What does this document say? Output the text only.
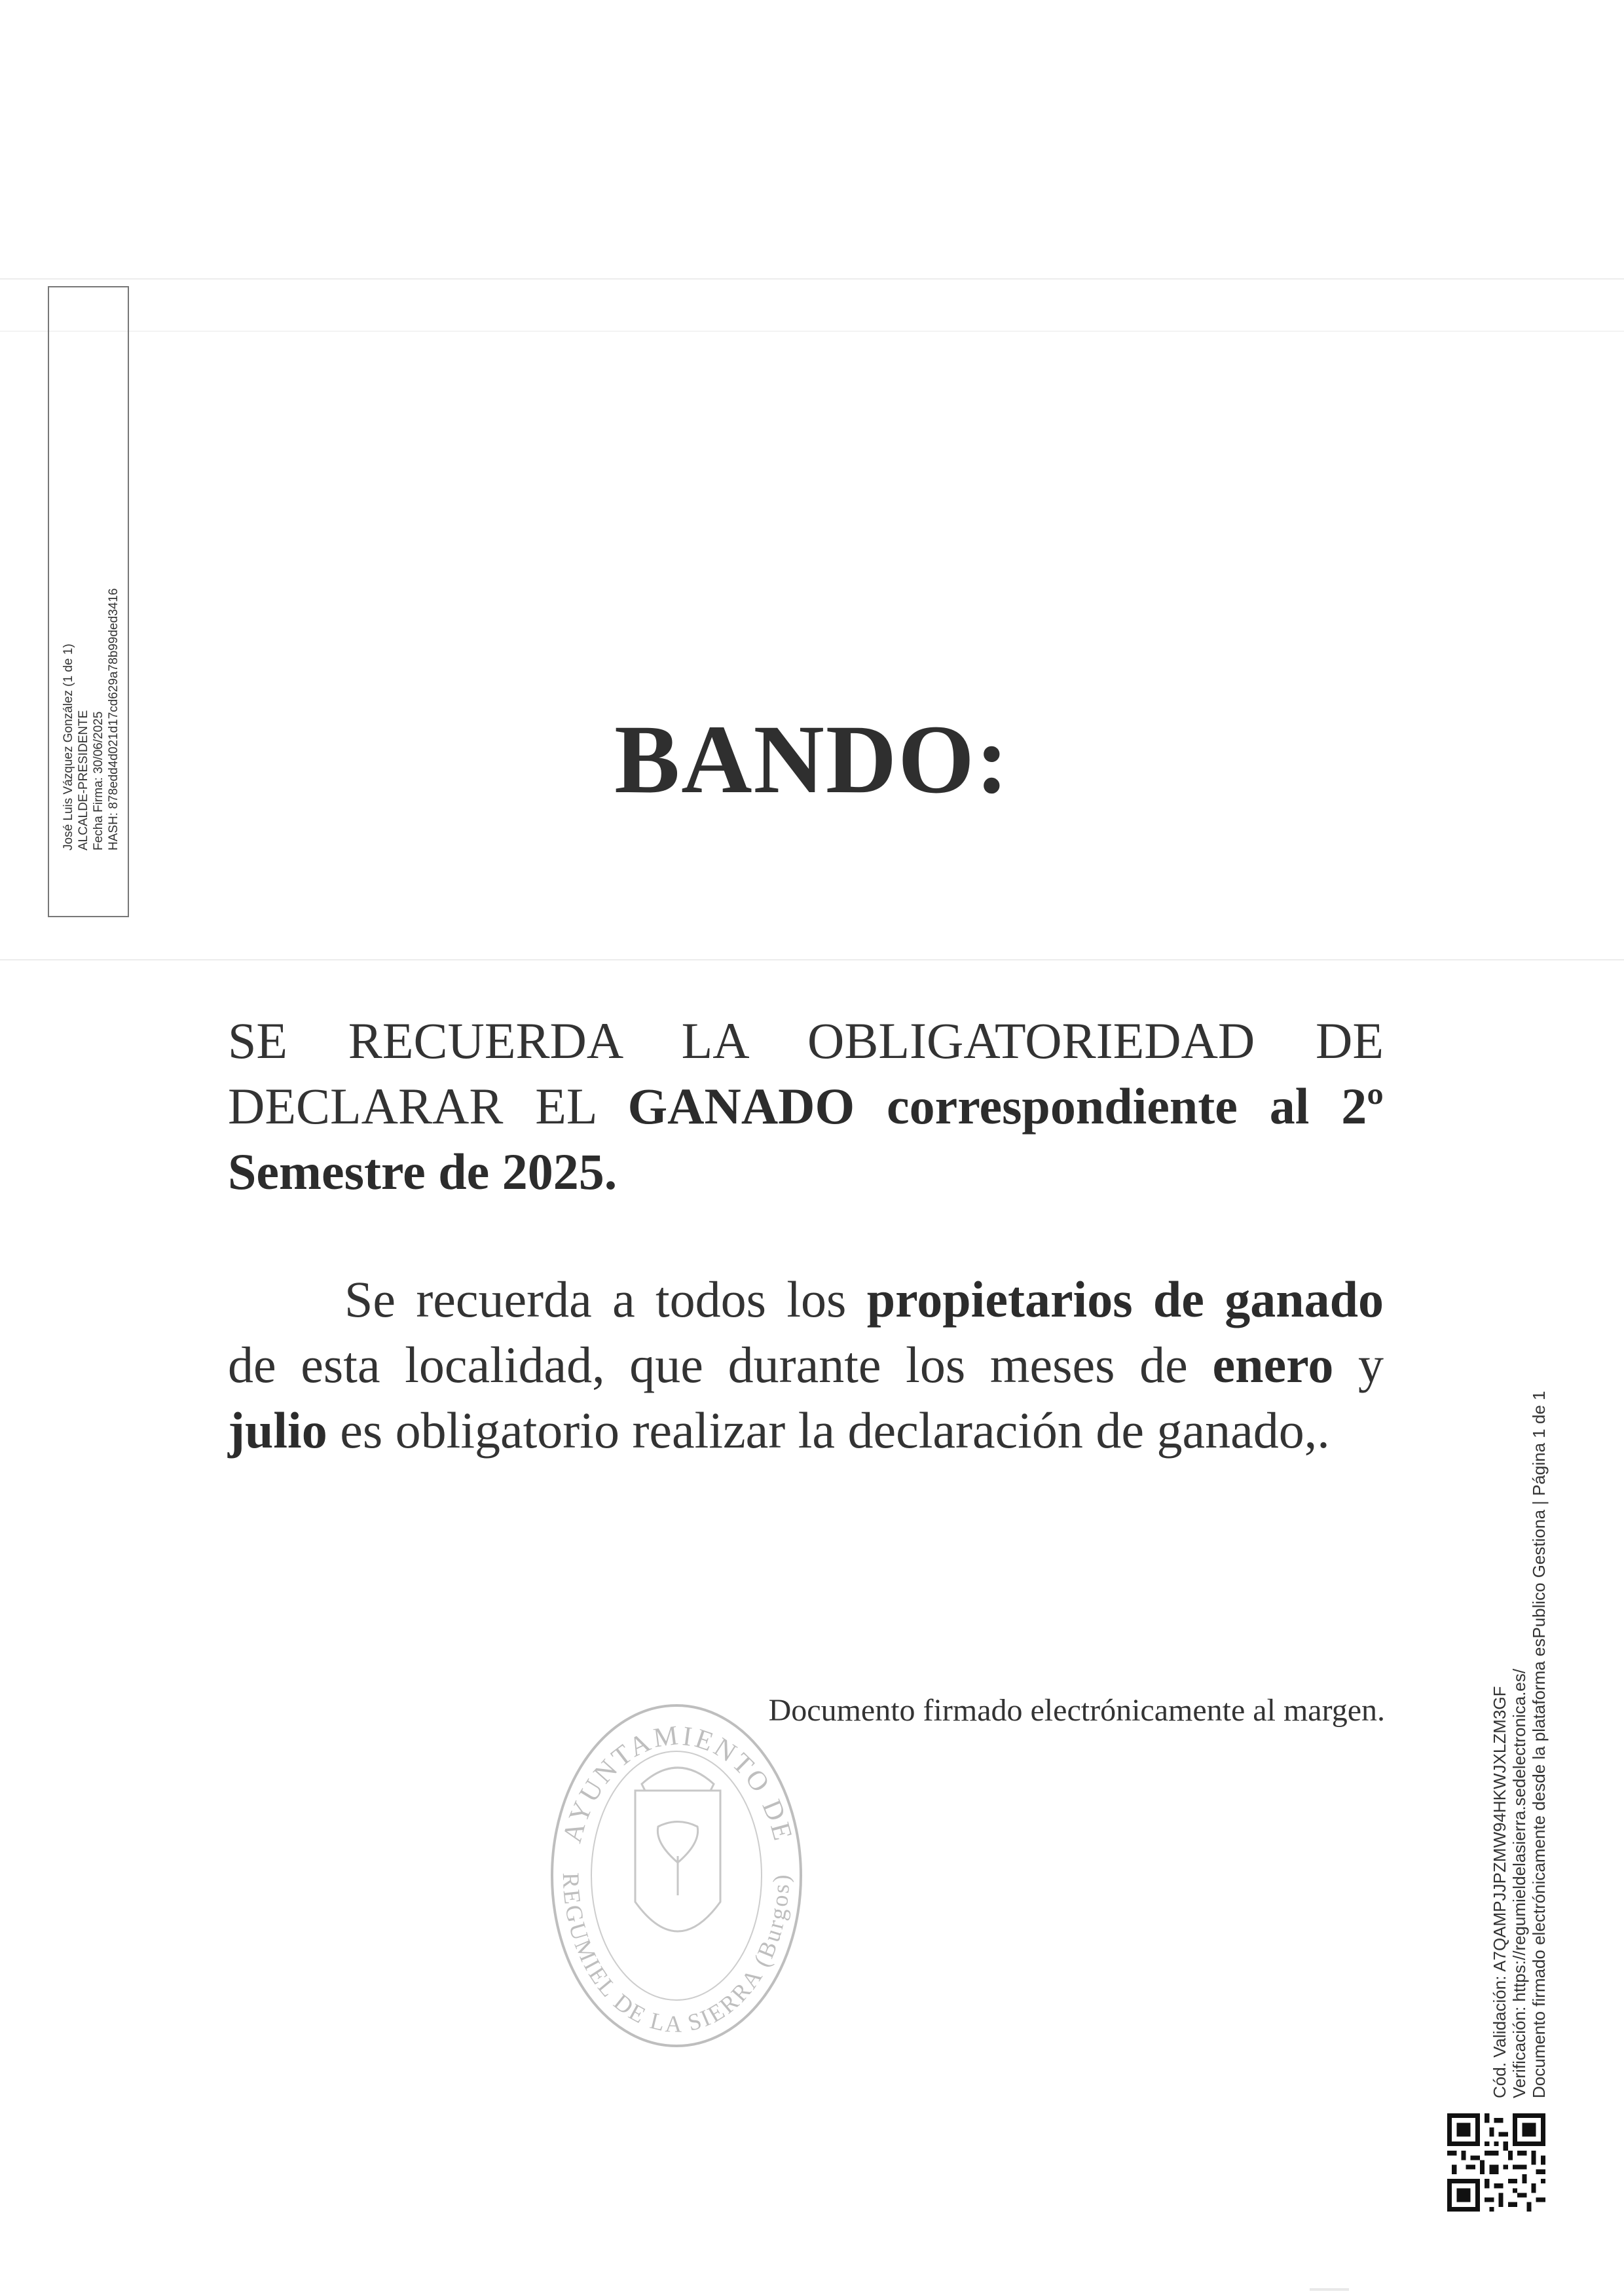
José Luis Vázquez González (1 de 1) ALCALDE-PRESIDENTE Fecha Firma: 30/06/2025 HASH: 878edd4d021d17cd629a78b99ded3416	BANDO:

SE RECUERDA LA OBLIGATORIEDAD DE DECLARAR EL GANADO correspondiente al 2º Semestre de 2025.

Se recuerda a todos los propietarios de ganado de esta localidad, que durante los meses de enero y julio es obligatorio realizar la declaración de ganado,.

Documento firmado electrónicamente al margen.
AYUNTAMIENTO DE
REGUMIEL DE LA SIERRA (Burgos)	Cód. Validación: A7QAMPJJPZMW94HKWJXLZM3GF Verificación: https://regumieldelasierra.sedelectronica.es/ Documento firmado electrónicamente desde la plataforma esPublico Gestiona | Página 1 de 1
